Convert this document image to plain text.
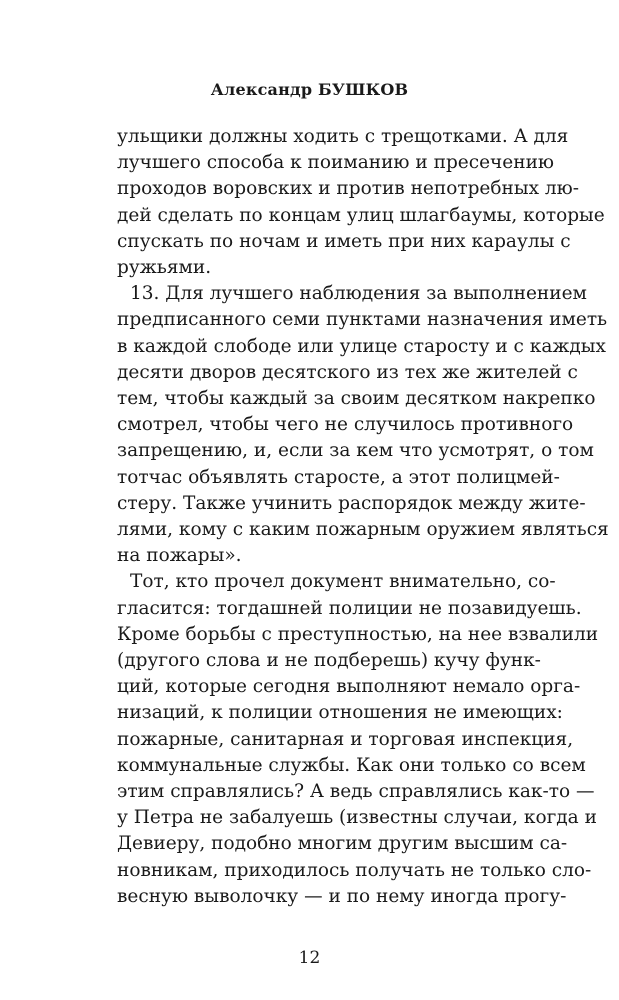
Александр БУШКОВ
ульщики должны ходить с трещотками. А для
лучшего способа к поиманию и пресечению
проходов воровских и против непотребных лю-
дей сделать по концам улиц шлагбаумы, которые
спускать по ночам и иметь при них караулы с
ружьями.
13. Для лучшего наблюдения за выполнением
предписанного семи пунктами назначения иметь
в каждой слободе или улице старосту и с каждых
десяти дворов десятского из тех же жителей с
тем, чтобы каждый за своим десятком накрепко
смотрел, чтобы чего не случилось противного
запрещению, и, если за кем что усмотрят, о том
тотчас объявлять старосте, а этот полицмей-
стеру. Также учинить распорядок между жите-
лями, кому с каким пожарным оружием являться
на пожары».
Тот, кто прочел документ внимательно, со-
гласится: тогдашней полиции не позавидуешь.
Кроме борьбы с преступностью, на нее взвалили
(другого слова и не подберешь) кучу функ-
ций, которые сегодня выполняют немало орга-
низаций, к полиции отношения не имеющих:
пожарные, санитарная и торговая инспекция,
коммунальные службы. Как они только со всем
этим справлялись? А ведь справлялись как-то —
у Петра не забалуешь (известны случаи, когда и
Девиеру, подобно многим другим высшим са-
новникам, приходилось получать не только сло-
весную выволочку — и по нему иногда прогу-
12
